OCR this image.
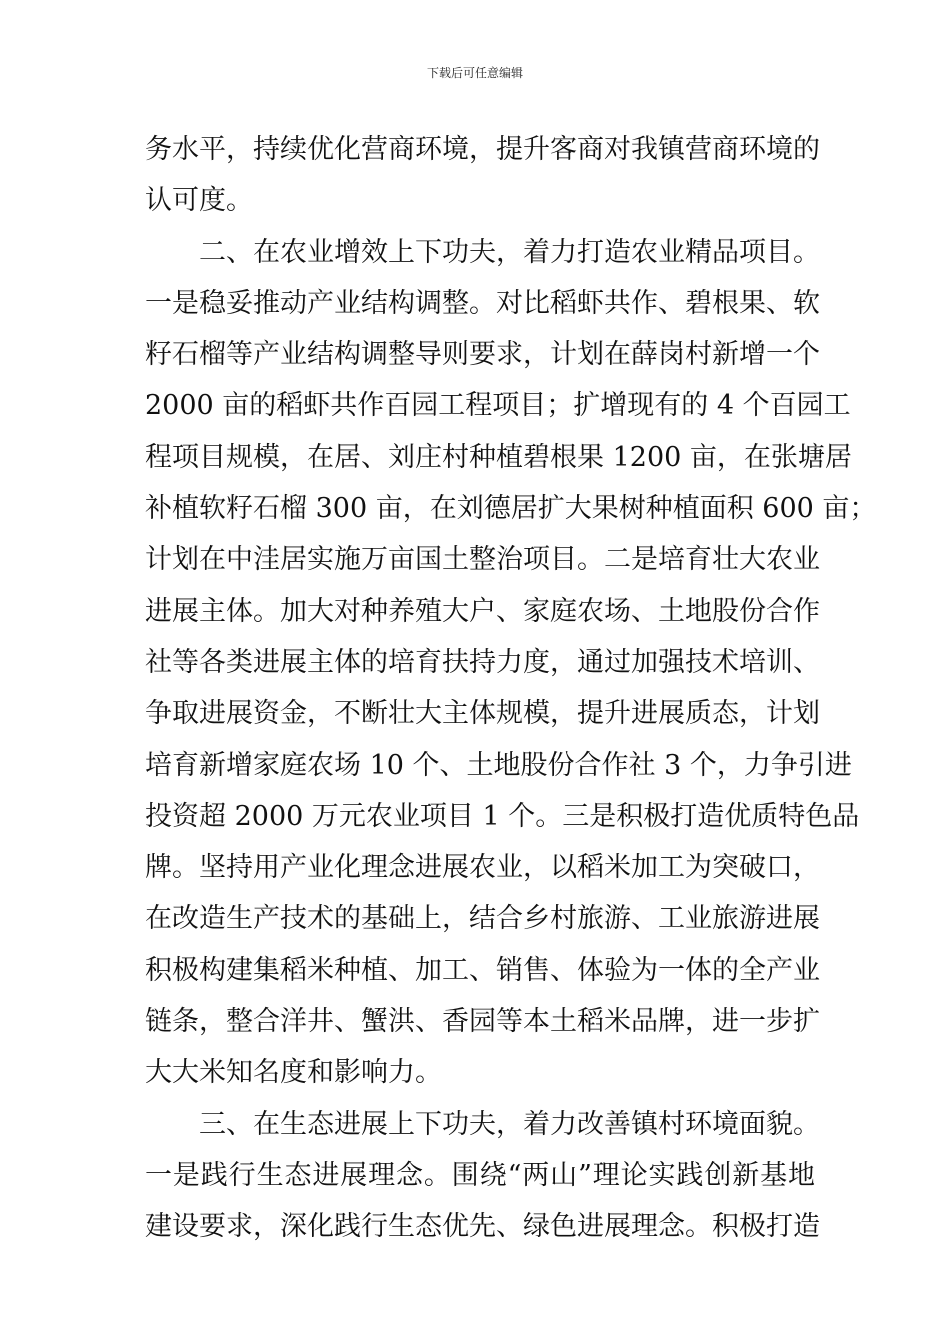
下载后可任意编辑
务水平，持续优化营商环境，提升客商对我镇营商环境的
认可度。
二、在农业增效上下功夫，着力打造农业精品项目。
一是稳妥推动产业结构调整。对比稻虾共作、碧根果、软
籽石榴等产业结构调整导则要求，计划在薛岗村新增一个
2000 亩的稻虾共作百园工程项目；扩增现有的 4 个百园工
程项目规模，在居、刘庄村种植碧根果 1200 亩，在张塘居
补植软籽石榴 300 亩，在刘德居扩大果树种植面积 600 亩；
计划在中洼居实施万亩国土整治项目。二是培育壮大农业
进展主体。加大对种养殖大户、家庭农场、土地股份合作
社等各类进展主体的培育扶持力度，通过加强技术培训、
争取进展资金，不断壮大主体规模，提升进展质态，计划
培育新增家庭农场 10 个、土地股份合作社 3 个，力争引进
投资超 2000 万元农业项目 1 个。三是积极打造优质特色品
牌。坚持用产业化理念进展农业，以稻米加工为突破口，
在改造生产技术的基础上，结合乡村旅游、工业旅游进展
积极构建集稻米种植、加工、销售、体验为一体的全产业
链条，整合洋井、蟹洪、香园等本土稻米品牌，进一步扩
大大米知名度和影响力。
三、在生态进展上下功夫，着力改善镇村环境面貌。
一是践行生态进展理念。围绕“两山”理论实践创新基地
建设要求，深化践行生态优先、绿色进展理念。积极打造
